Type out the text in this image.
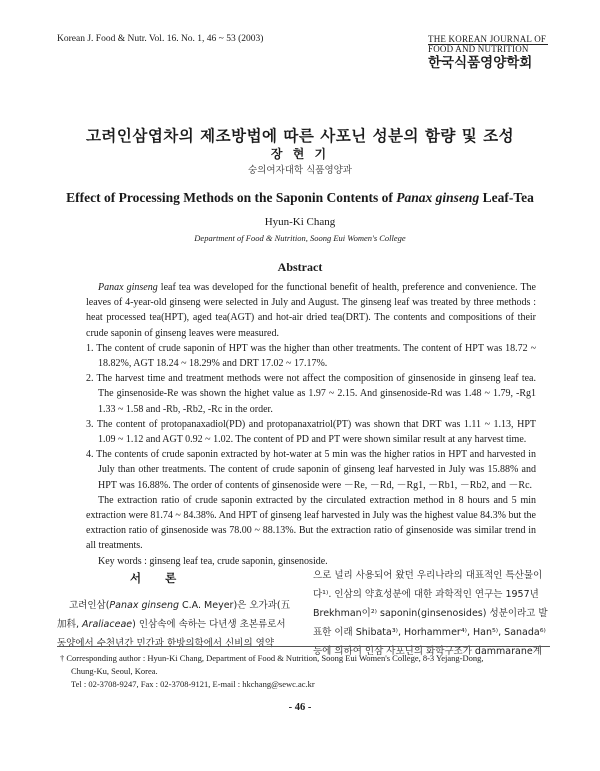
Korean J. Food & Nutr. Vol. 16. No. 1, 46 ~ 53 (2003)	THE KOREAN JOURNAL OF
FOOD AND NUTRITION
한국식품영양학회
고려인삼엽차의 제조방법에 따른 사포닌 성분의 함량 및 조성
장 현 기
숭의여자대학 식품영양과
Effect of Processing Methods on the Saponin Contents of Panax ginseng Leaf-Tea
Hyun-Ki Chang
Department of Food & Nutrition, Soong Eui Women's College
Abstract

Panax ginseng leaf tea was developed for the functional benefit of health, preference and convenience. The leaves of 4-year-old ginseng were selected in July and August. The ginseng leaf was treated by three methods : heat processed tea(HPT), aged tea(AGT) and hot-air dried tea(DRT). The contents and compositions of their crude saponin of ginseng leaves were measured.

1. The content of crude saponin of HPT was the higher than other treatments. The content of HPT was 18.72 ~ 18.82%, AGT 18.24 ~ 18.29% and DRT 17.02 ~ 17.17%.
2. The harvest time and treatment methods were not affect the composition of ginsenoside in ginseng leaf tea. The ginsenoside-Re was shown the highet value as 1.97 ~ 2.15. And ginsenoside-Rd was 1.48 ~ 1.79, -Rg1 1.33 ~ 1.58 and -Rb, -Rb2, -Rc in the order.
3. The content of protopanaxadiol(PD) and protopanaxatriol(PT) was shown that DRT was 1.11 ~ 1.13, HPT 1.09 ~ 1.12 and AGT 0.92 ~ 1.02. The content of PD and PT were shown similar result at any harvest time.
4. The contents of crude saponin extracted by hot-water at 5 min was the higher ratios in HPT and harvested in July than other treatments. The content of crude saponin of ginseng leaf harvested in July was 15.88% and HPT was 16.88%. The order of contents of ginsenoside were －Re, －Rd, －Rg1, －Rb1, －Rb2, and －Rc.

The extraction ratio of crude saponin extracted by the circulated extraction method in 8 hours and 5 min extraction were 81.74 ~ 84.38%. And HPT of ginseng leaf harvested in July was the highest value 84.3% but the extraction ratio of ginsenoside was 78.00 ~ 88.13%. But the extraction ratio of ginsenoside was similar trend in all treatments.

Key words : ginseng leaf tea, crude saponin, ginsenoside.

서 론

고려인삼(Panax ginseng C.A. Meyer)은 오가과(五加科, Araliaceae) 인삼속에 속하는 다년생 초본류로서 동양에서 수천년간 민간과 한방의학에서 신비의 영약

으로 널리 사용되어 왔던 우리나라의 대표적인 특산물이다¹⁾. 인삼의 약효성분에 대한 과학적인 연구는 1957년 Brekhman이²⁾ saponin(ginsenosides) 성분이라고 발표한 이래 Shibata³⁾, Horhammer⁴⁾, Han⁵⁾, Sanada⁶⁾ 등에 의하여 인삼 사포닌의 화학구조가 dammarane계

† Corresponding author : Hyun-Ki Chang, Department of Food & Nutrition, Soong Eui Women's College, 8-3 Yejang-Dong,

Chung-Ku, Seoul, Korea.

Tel : 02-3708-9247, Fax : 02-3708-9121, E-mail : hkchang@sewc.ac.kr

- 46 -
